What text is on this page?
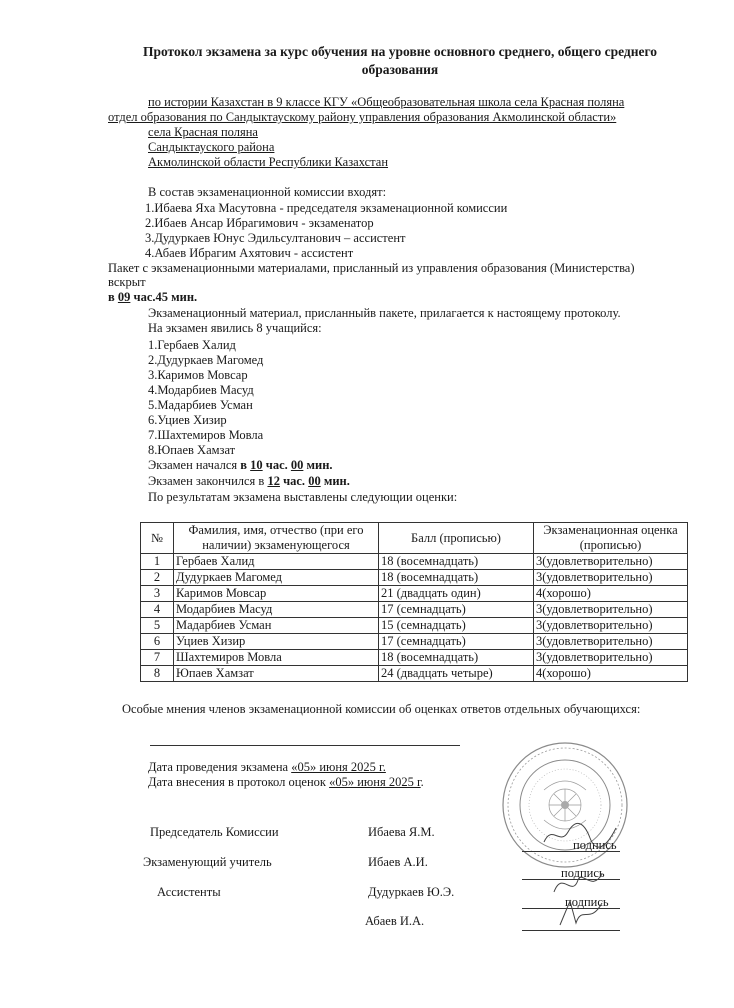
Протокол экзамена за курс обучения на уровне основного среднего, общего среднего образования
по истории Казахстан в 9 классе КГУ «Общеобразовательная школа села Красная поляна
отдел образования по Сандыктаускому району управления образования Акмолинской области»
села Красная поляна
Сандыктауского района
Акмолинской области Республики Казахстан
В состав экзаменационной комиссии входят:
1.Ибаева Яха Масутовна - председателя экзаменационной комиссии
2.Ибаев Ансар Ибрагимович - экзаменатор
3.Дудуркаев Юнус Эдильсултанович – ассистент
4.Абаев Ибрагим Ахятович - ассистент
Пакет с экзаменационными материалами, присланный из управления образования (Министерства)
вскрыт
в 09 час.45 мин.
Экзаменационный материал, присланныйв пакете, прилагается к настоящему протоколу.
На экзамен явились 8 учащийся:
1.Гербаев Халид
2.Дудуркаев Магомед
3.Каримов Мовсар
4.Модарбиев Масуд
5.Мадарбиев Усман
6.Уциев Хизир
7.Шахтемиров Мовла
8.Юпаев Хамзат
Экзамен начался в 10 час. 00 мин.
Экзамен закончился в 12 час. 00 мин.
По результатам экзамена выставлены следующии оценки:
№	Фамилия, имя, отчество (при его наличии) экзаменующегося	Балл (прописью)	Экзаменационная оценка (прописью)
1	Гербаев Халид	18 (восемнадцать)	3(удовлетворительно)
2	Дудуркаев Магомед	18 (восемнадцать)	3(удовлетворительно)
3	Каримов Мовсар	21 (двадцать один)	4(хорошо)
4	Модарбиев Масуд	17 (семнадцать)	3(удовлетворительно)
5	Мадарбиев Усман	15 (семнадцать)	3(удовлетворительно)
6	Уциев Хизир	17 (семнадцать)	3(удовлетворительно)
7	Шахтемиров Мовла	18 (восемнадцать)	3(удовлетворительно)
8	Юпаев Хамзат	24 (двадцать четыре)	4(хорошо)
Особые мнения членов экзаменационной комиссии об оценках ответов отдельных обучающихся:
Дата проведения экзамена «05» июня 2025 г.
Дата внесения в протокол оценок «05» июня 2025 г.
Председатель Комиссии	Ибаева Я.М.
подпись
Экзаменующий учитель	Ибаев А.И.
подпись
Ассистенты	Дудуркаев Ю.Э.
подпись
Абаев И.А.
